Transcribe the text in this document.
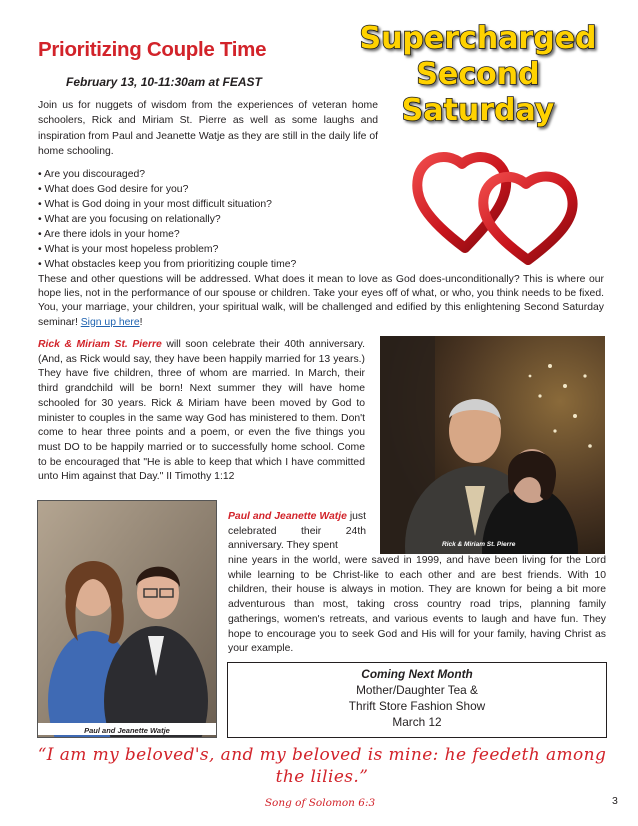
Prioritizing Couple Time
February 13, 10-11:30am at FEAST
Supercharged
Second
Saturday

Join us for nuggets of wisdom from the experiences of veteran home schoolers, Rick and Miriam St. Pierre as well as some laughs and inspiration from Paul and Jeanette Watje as they are still in the daily life of home schooling.

• Are you discouraged?
• What does God desire for you?
• What is God doing in your most difficult situation?
• What are you focusing on relationally?
• Are there idols in your home?
• What is your most hopeless problem?
• What obstacles keep you from prioritizing couple time?

These and other questions will be addressed. What does it mean to love as God does-unconditionally? This is where our hope lies, not in the performance of our spouse or children. Take your eyes off of what, or who, you think needs to be fixed. You, your marriage, your children, your spiritual walk, will be challenged and edified by this enlightening Second Saturday seminar! Sign up here!

Rick & Miriam St. Pierre will soon celebrate their 40th anniversary. (And, as Rick would say, they have been happily married for 13 years.) They have five children, three of whom are married. In March, their third grandchild will be born! Next summer they will have home schooled for 30 years. Rick & Miriam have been moved by God to minister to couples in the same way God has ministered to them. Don't come to hear three points and a poem, or even the five things you must DO to be happily married or to successfully home school. Come to be encouraged that "He is able to keep that which I have committed unto Him against that Day." II Timothy 1:12

Rick & Miriam St. Pierre

Paul and Jeanette Watje just celebrated their 24th anniversary. They spent

nine years in the world, were saved in 1999, and have been living for the Lord while learning to be Christ-like to each other and are best friends. With 10 children, their house is always in motion. They are known for being a bit more adventurous than most, taking cross country road trips, planning family gatherings, women's retreats, and various events to laugh and have fun. They hope to encourage you to seek God and His will for your family, having Christ as your example.

Paul and Jeanette Watje
Coming Next Month
Mother/Daughter Tea &
Thrift Store Fashion Show
March 12
“I am my beloved's, and my beloved is mine: he feedeth among the lilies.”
Song of Solomon 6:3	3
